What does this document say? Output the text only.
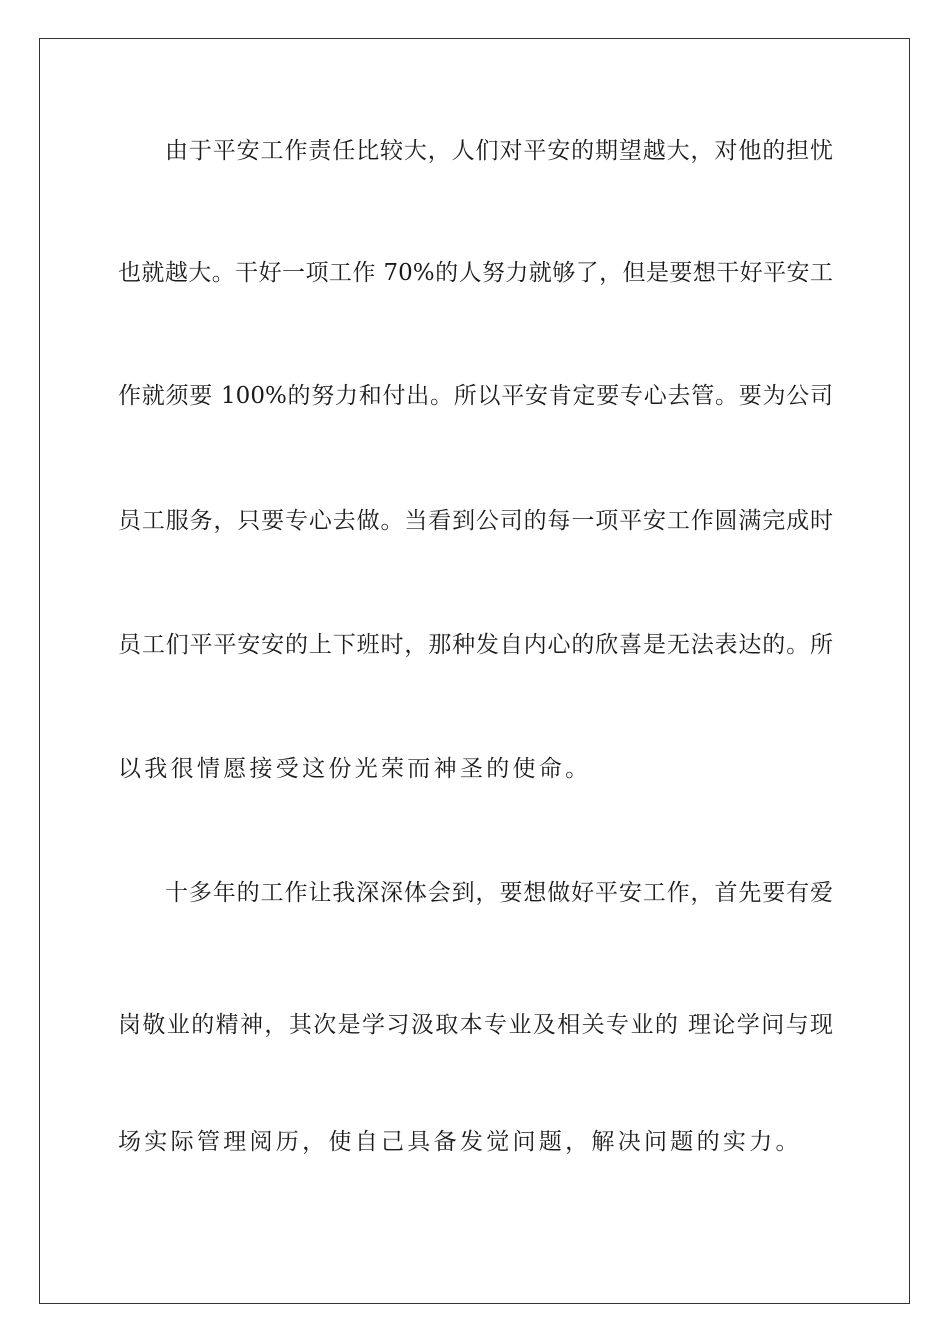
由于平安工作责任比较大，人们对平安的期望越大，对他的担忧
也就越大。干好一项工作 70%的人努力就够了，但是要想干好平安工
作就须要 100%的努力和付出。所以平安肯定要专心去管。要为公司
员工服务，只要专心去做。当看到公司的每一项平安工作圆满完成时
员工们平平安安的上下班时，那种发自内心的欣喜是无法表达的。所
以我很情愿接受这份光荣而神圣的使命。
十多年的工作让我深深体会到，要想做好平安工作，首先要有爱
岗敬业的精神，其次是学习汲取本专业及相关专业的 理论学问与现
场实际管理阅历，使自己具备发觉问题，解决问题的实力。
